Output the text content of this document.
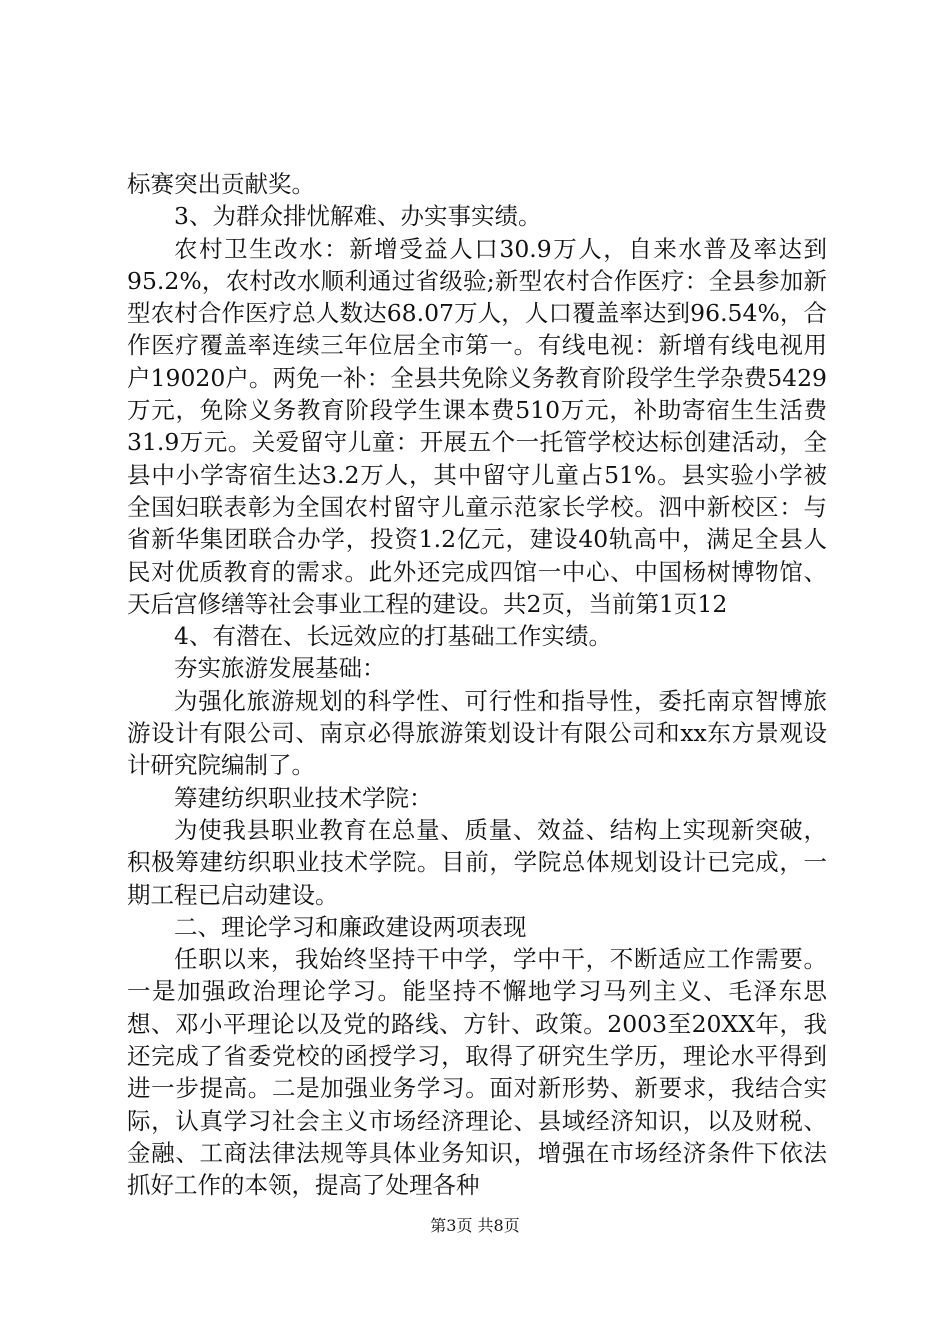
标赛突出贡献奖。

3、为群众排忧解难、办实事实绩。

农村卫生改水：新增受益人口30.9万人，自来水普及率达到95.2%，农村改水顺利通过省级验;新型农村合作医疗：全县参加新型农村合作医疗总人数达68.07万人，人口覆盖率达到96.54%，合作医疗覆盖率连续三年位居全市第一。有线电视：新增有线电视用户19020户。两免一补：全县共免除义务教育阶段学生学杂费5429万元，免除义务教育阶段学生课本费510万元，补助寄宿生生活费31.9万元。关爱留守儿童：开展五个一托管学校达标创建活动，全县中小学寄宿生达3.2万人，其中留守儿童占51%。县实验小学被全国妇联表彰为全国农村留守儿童示范家长学校。泗中新校区：与省新华集团联合办学，投资1.2亿元，建设40轨高中，满足全县人民对优质教育的需求。此外还完成四馆一中心、中国杨树博物馆、天后宫修缮等社会事业工程的建设。共2页，当前第1页12

4、有潜在、长远效应的打基础工作实绩。

夯实旅游发展基础：

为强化旅游规划的科学性、可行性和指导性，委托南京智博旅游设计有限公司、南京必得旅游策划设计有限公司和xx东方景观设计研究院编制了。

筹建纺织职业技术学院：

为使我县职业教育在总量、质量、效益、结构上实现新突破，积极筹建纺织职业技术学院。目前，学院总体规划设计已完成，一期工程已启动建设。

二、理论学习和廉政建设两项表现

任职以来，我始终坚持干中学，学中干，不断适应工作需要。一是加强政治理论学习。能坚持不懈地学习马列主义、毛泽东思想、邓小平理论以及党的路线、方针、政策。2003至20XX年，我还完成了省委党校的函授学习，取得了研究生学历，理论水平得到进一步提高。二是加强业务学习。面对新形势、新要求，我结合实际，认真学习社会主义市场经济理论、县域经济知识，以及财税、金融、工商法律法规等具体业务知识，增强在市场经济条件下依法抓好工作的本领，提高了处理各种

第3页 共8页
